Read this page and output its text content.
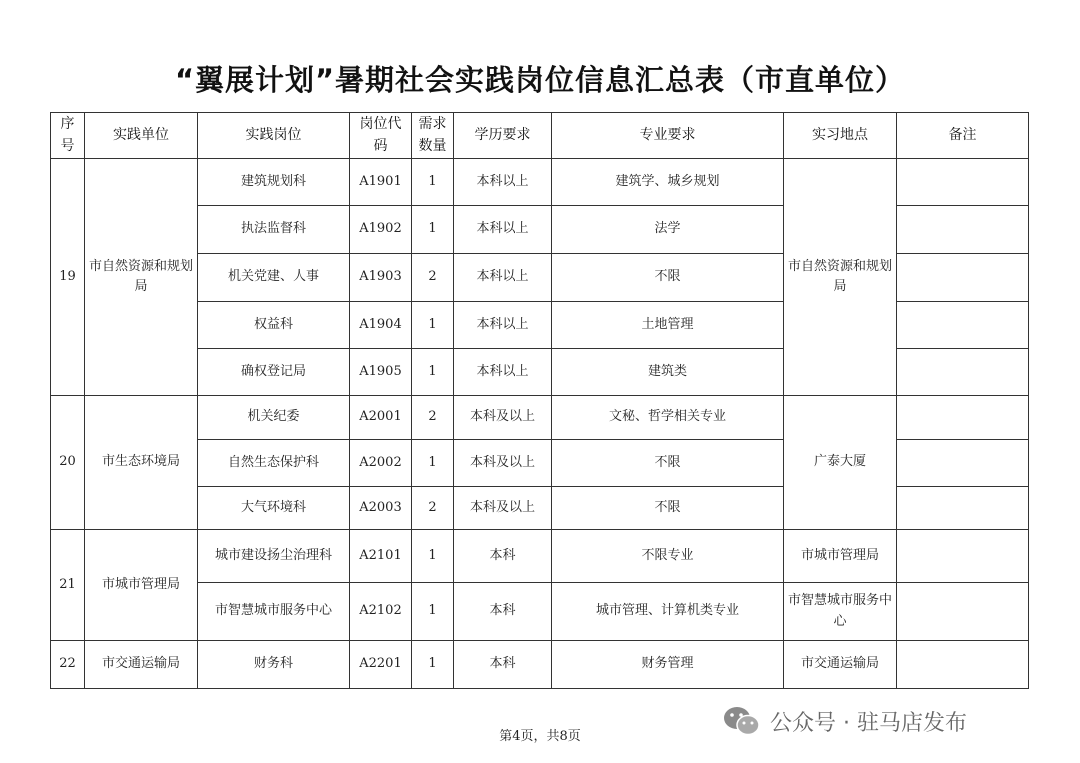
“翼展计划”暑期社会实践岗位信息汇总表（市直单位）
序号	实践单位	实践岗位	岗位代码	需求数量	学历要求	专业要求	实习地点	备注
19	市自然资源和规划局	建筑规划科	A1901	1	本科以上	建筑学、城乡规划	市自然资源和规划局	
		执法监督科	A1902	1	本科以上	法学		
		机关党建、人事	A1903	2	本科以上	不限		
		权益科	A1904	1	本科以上	土地管理		
		确权登记局	A1905	1	本科以上	建筑类		
20	市生态环境局	机关纪委	A2001	2	本科及以上	文秘、哲学相关专业	广泰大厦	
		自然生态保护科	A2002	1	本科及以上	不限		
		大气环境科	A2003	2	本科及以上	不限		
21	市城市管理局	城市建设扬尘治理科	A2101	1	本科	不限专业	市城市管理局	
		市智慧城市服务中心	A2102	1	本科	城市管理、计算机类专业	市智慧城市服务中心	
22	市交通运输局	财务科	A2201	1	本科	财务管理	市交通运输局	
第4页，共8页
公众号 · 驻马店发布
